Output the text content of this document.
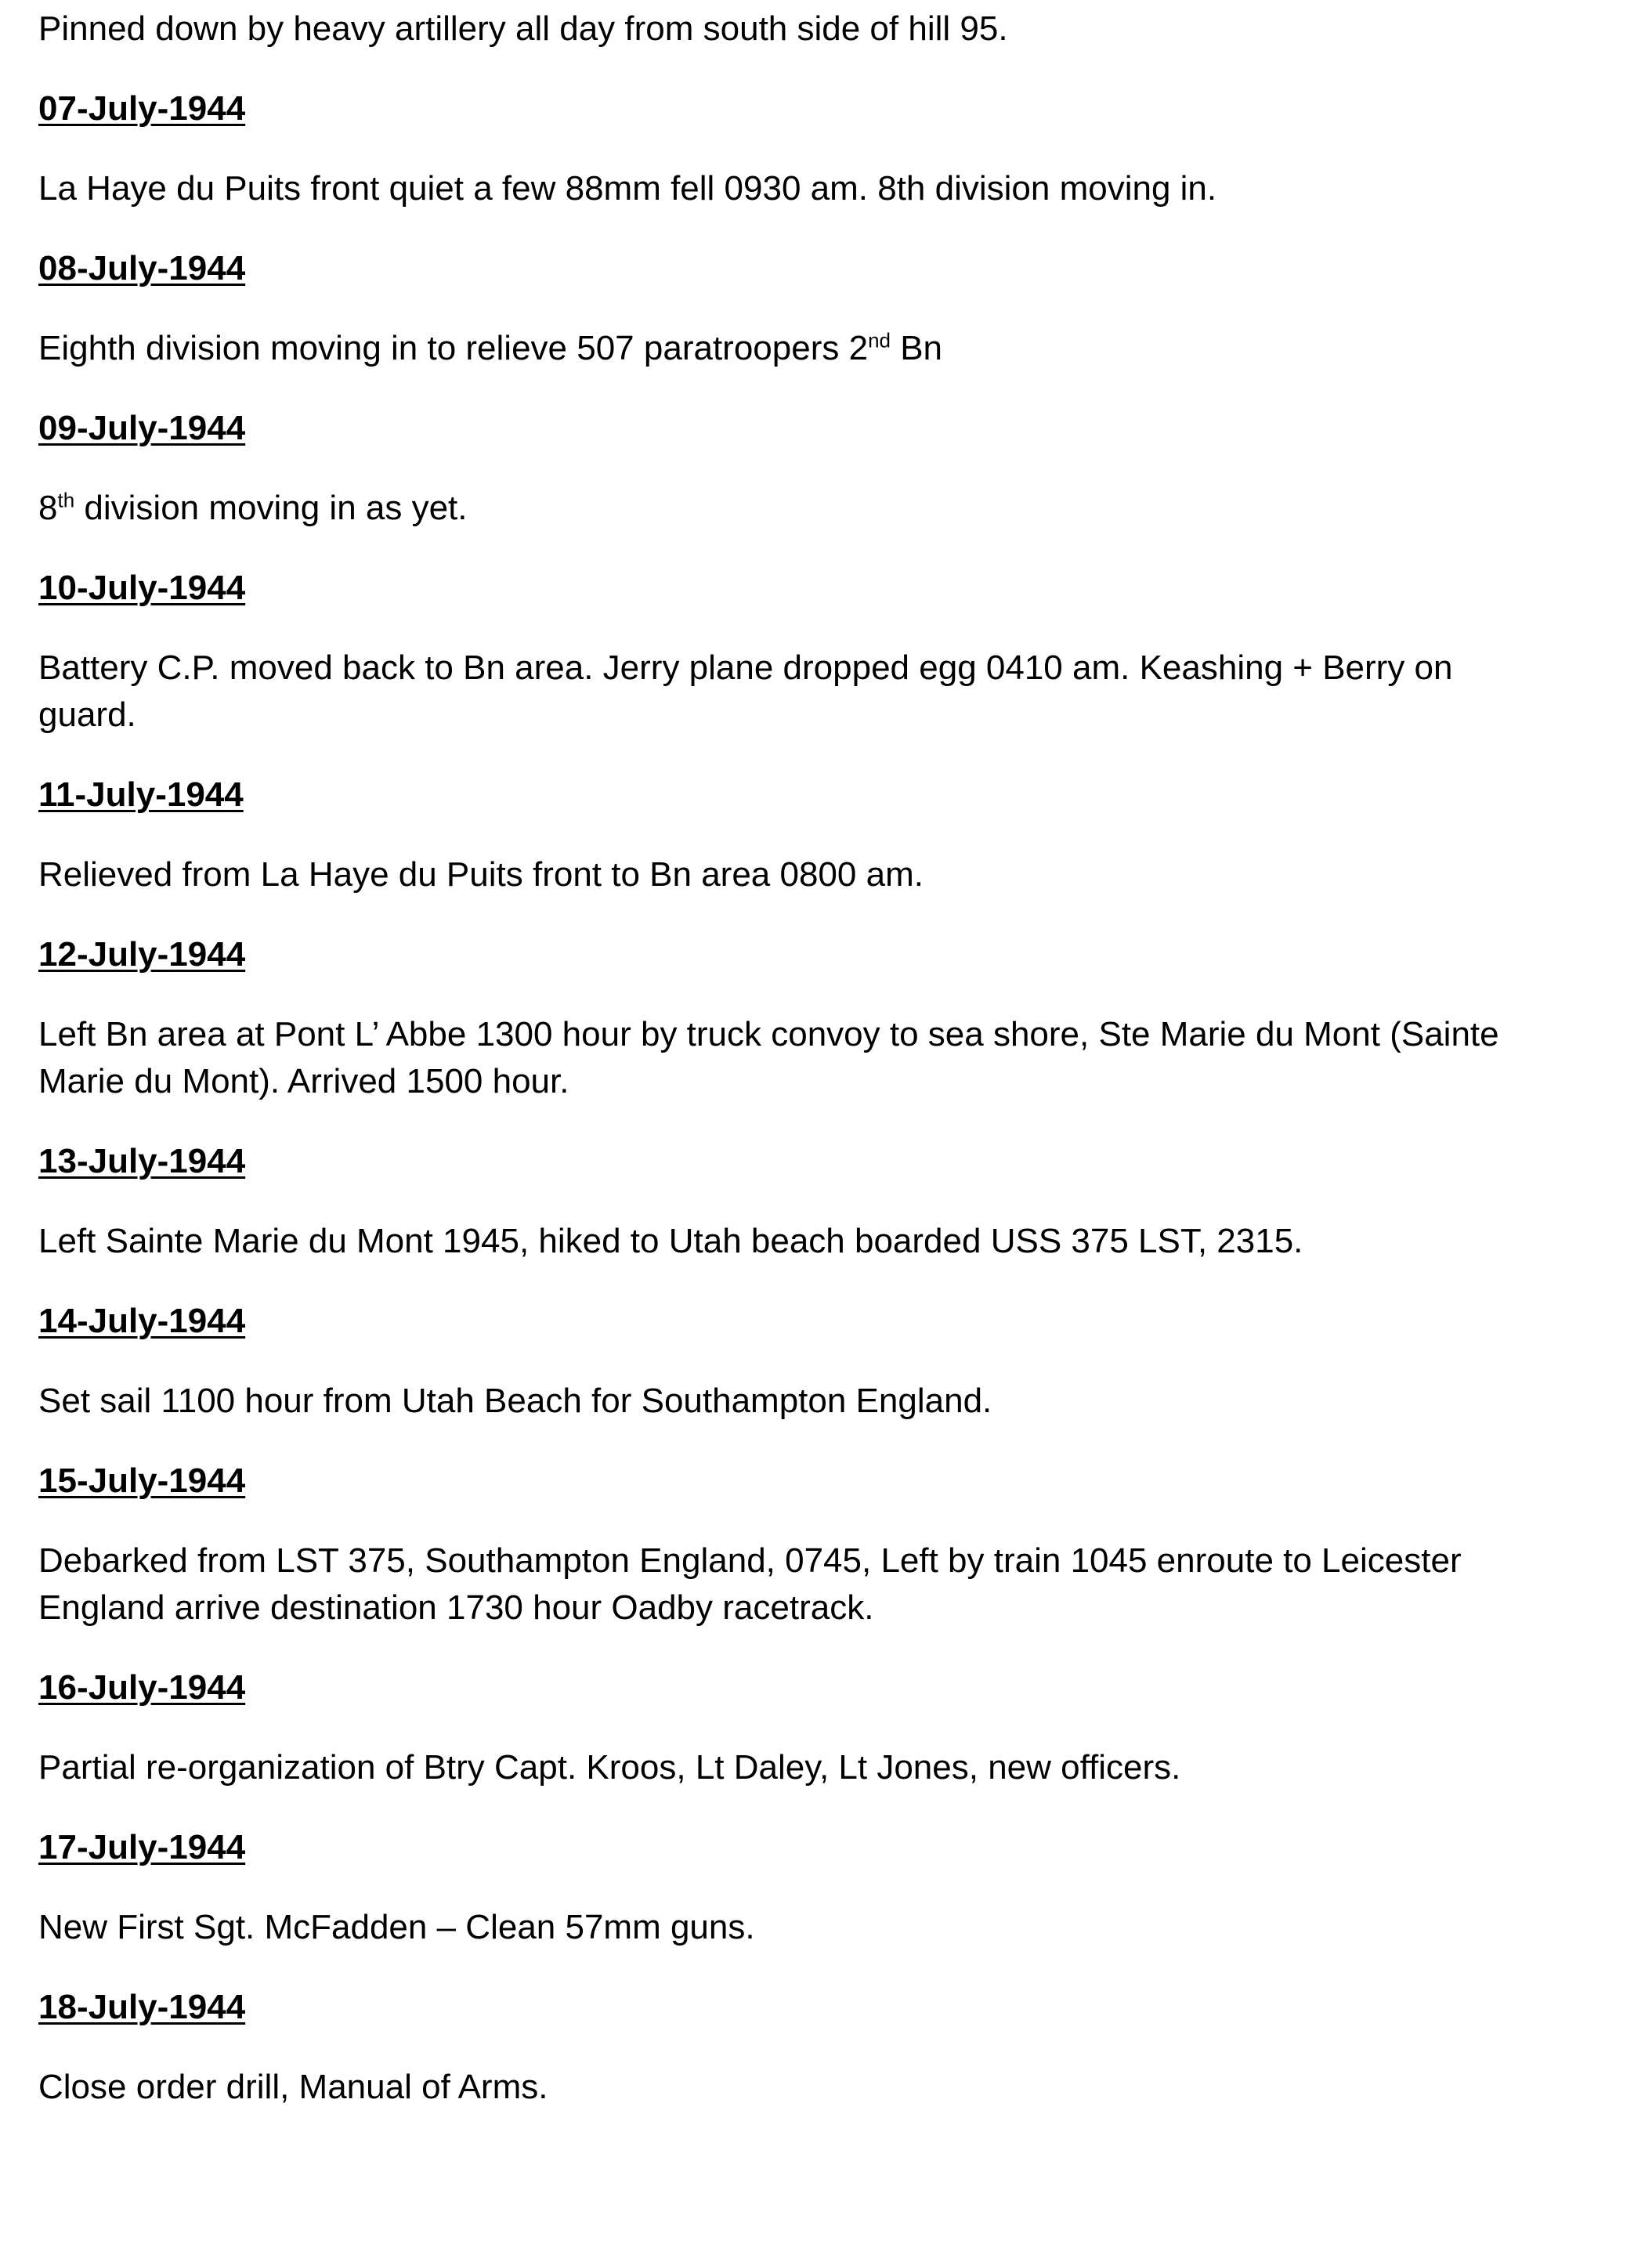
Pinned down by heavy artillery all day from south side of hill 95.

07-July-1944

La Haye du Puits front quiet a few 88mm fell 0930 am. 8th division moving in.

08-July-1944

Eighth division moving in to relieve 507 paratroopers 2nd Bn

09-July-1944

8th division moving in as yet.

10-July-1944

Battery C.P. moved back to Bn area. Jerry plane dropped egg 0410 am. Keashing + Berry on

guard.

11-July-1944

Relieved from La Haye du Puits front to Bn area 0800 am.

12-July-1944

Left Bn area at Pont L’ Abbe 1300 hour by truck convoy to sea shore, Ste Marie du Mont (Sainte

Marie du Mont). Arrived 1500 hour.

13-July-1944

Left Sainte Marie du Mont 1945, hiked to Utah beach boarded USS 375 LST, 2315.

14-July-1944

Set sail 1100 hour from Utah Beach for Southampton England.

15-July-1944

Debarked from LST 375, Southampton England, 0745, Left by train 1045 enroute to Leicester

England arrive destination 1730 hour Oadby racetrack.

16-July-1944

Partial re-organization of Btry Capt. Kroos, Lt Daley, Lt Jones, new officers.

17-July-1944

New First Sgt. McFadden – Clean 57mm guns.

18-July-1944

Close order drill, Manual of Arms.
